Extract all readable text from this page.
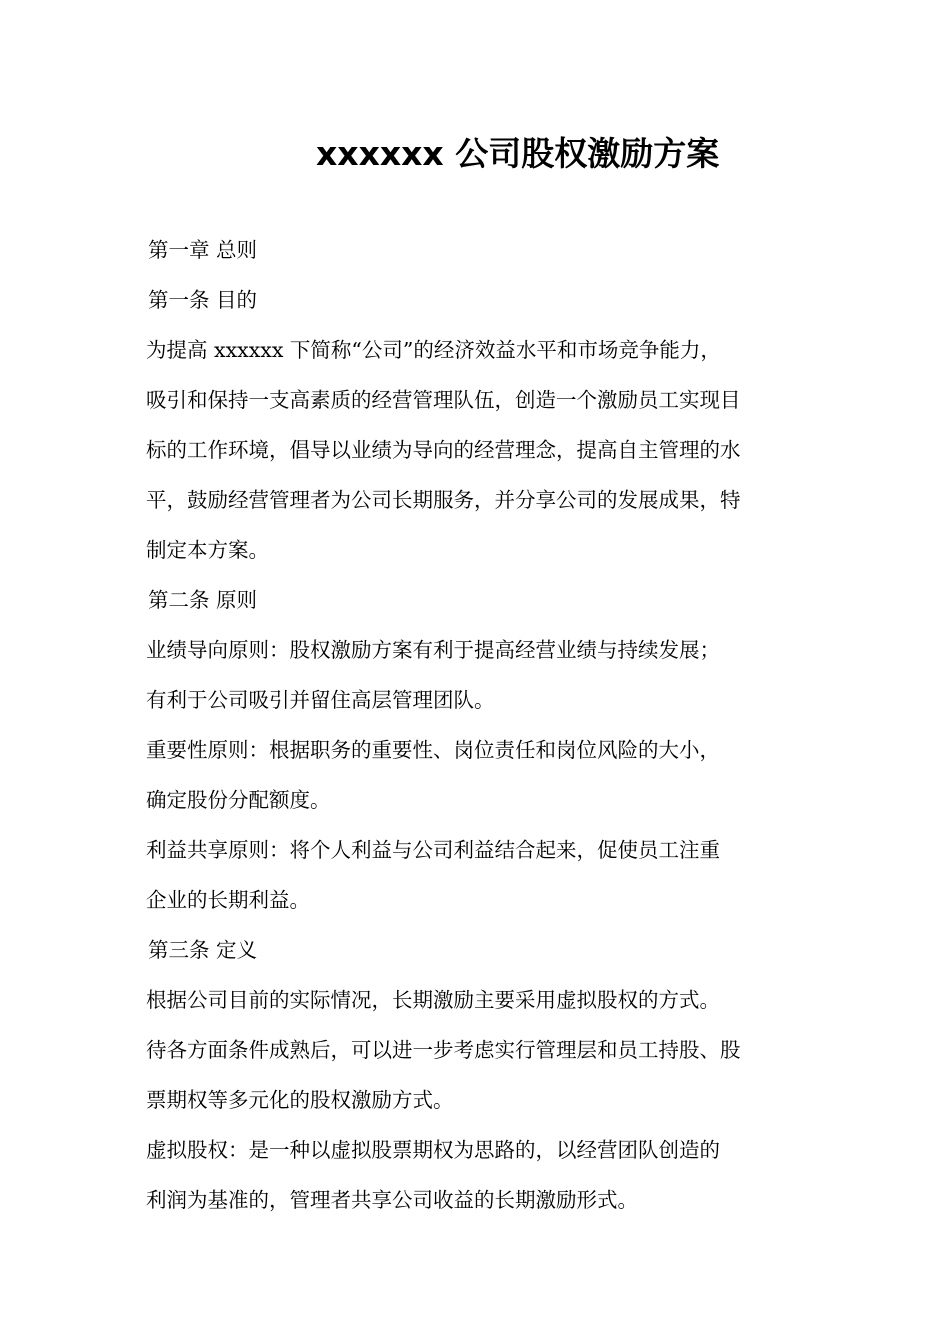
xxxxxx 公司股权激励方案
第一章 总则
第一条 目的
为提高 xxxxxx 下简称“公司”的经济效益水平和市场竞争能力，
吸引和保持一支高素质的经营管理队伍，创造一个激励员工实现目
标的工作环境，倡导以业绩为导向的经营理念，提高自主管理的水
平，鼓励经营管理者为公司长期服务，并分享公司的发展成果，特
制定本方案。
第二条 原则
业绩导向原则：股权激励方案有利于提高经营业绩与持续发展；
有利于公司吸引并留住高层管理团队。
重要性原则：根据职务的重要性、岗位责任和岗位风险的大小，
确定股份分配额度。
利益共享原则：将个人利益与公司利益结合起来，促使员工注重
企业的长期利益。
第三条 定义
根据公司目前的实际情况，长期激励主要采用虚拟股权的方式。
待各方面条件成熟后，可以进一步考虑实行管理层和员工持股、股
票期权等多元化的股权激励方式。
虚拟股权：是一种以虚拟股票期权为思路的，以经营团队创造的
利润为基准的，管理者共享公司收益的长期激励形式。
